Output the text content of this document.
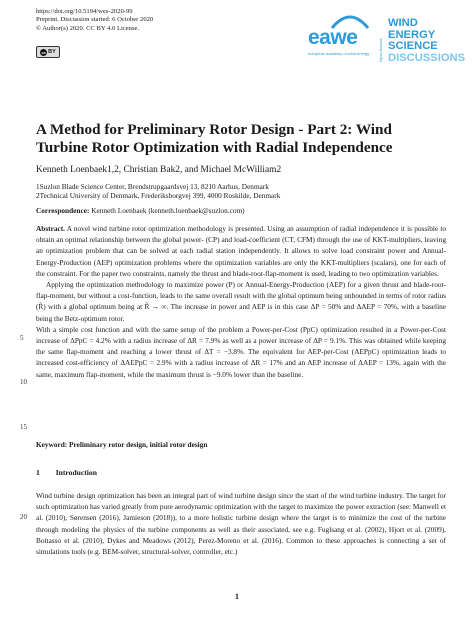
https://doi.org/10.5194/wes-2020-99
Preprint. Discussion started: 6 October 2020
© Author(s) 2020. CC BY 4.0 License.
cc BY
eawe
european academy of wind energy Open Access
WIND
ENERGY
SCIENCE
DISCUSSIONS
A Method for Preliminary Rotor Design - Part 2: Wind Turbine Rotor Optimization with Radial Independence
Kenneth Loenbaek1,2, Christian Bak2, and Michael McWilliam2
1Suzlon Blade Science Center, Brendstrupgaardsvej 13, 8210 Aarhus, Denmark
2Technical University of Denmark, Frederiksborgvej 399, 4000 Roskilde, Denmark
Correspondence: Kenneth Loenbaek (kenneth.loenbaek@suzlon.com)
Abstract. A novel wind turbine rotor optimization methodology is presented. Using an assumption of radial independence it is possible to obtain an optimal relationship between the global power- (CP) and load-coefficient (CT, CFM) through the use of KKT-multipliers, leaving an optimization problem that can be solved at each radial station independently. It allows to solve load constraint power and Annual-Energy-Production (AEP) optimization problems where the optimization variables are only the KKT-multipliers (scalars), one for each of the constraint. For the paper two constraints, namely the thrust and blade-root-flap-moment is used, leading to two optimization variables.
Applying the optimization methodology to maximize power (P) or Annual-Energy-Production (AEP) for a given thrust and blade-root-flap-moment, but without a cost-function, leads to the same overall result with the global optimum being unbounded in terms of rotor radius (R̃) with a global optimum being at R̃ → ∞. The increase in power and AEP is in this case ΔP = 50% and ΔAEP = 70%, with a baseline being the Betz-optimum rotor.
With a simple cost function and with the same setup of the problem a Power-per-Cost (PpC) optimization resulted in a Power-per-Cost increase of ΔPpC = 4.2% with a radius increase of ΔR = 7.9% as well as a power increase of ΔP = 9.1%. This was obtained while keeping the same flap-moment and reaching a lower thrust of ΔT = −3.8%. The equivalent for AEP-per-Cost (AEPpC) optimization leads to increased cost-efficiency of ΔAEPpC = 2.9% with a radius increase of ΔR = 17% and an AEP increase of ΔAEP = 13%, again with the same, maximum flap-moment, while the maximum thrust is −9.0% lower than the baseline.
5
10
15
20
Keyword: Preliminary rotor design, initial rotor design
1 Introduction
Wind turbine design optimization has been an integral part of wind turbine design since the start of the wind turbine industry. The target for such optimization has varied greatly from pure aerodynamic optimization with the target to maximize the power extraction (see: Manwell et al. (2010), Sørensen (2016), Jamieson (2018)), to a more holistic turbine design where the target is to minimize the cost of the turbine through modeling the physics of the turbine components as well as their associated, see e.g. Fuglsang et al. (2002), Hjort et al. (2009), Bottasso et al. (2010), Dykes and Meadows (2012), Perez-Moreno et al. (2016). Common to these approaches is connecting a set of simulations tools (e.g. BEM-solver, structural-solver, controller, etc.)
1
